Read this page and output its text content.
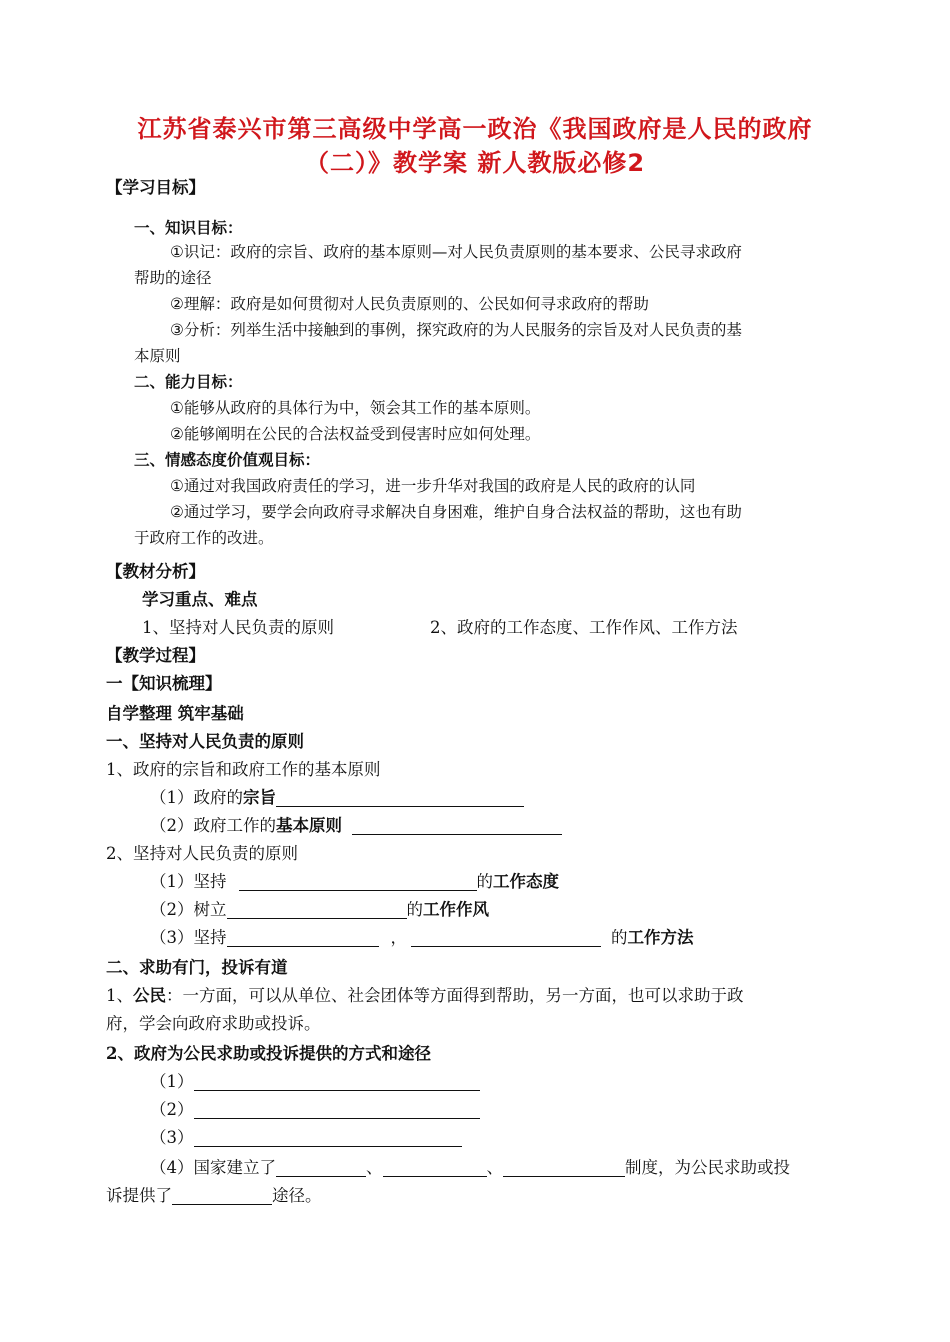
江苏省泰兴市第三高级中学高一政治《我国政府是人民的政府
（二）》教学案 新人教版必修2
【学习目标】
一、知识目标：
①识记：政府的宗旨、政府的基本原则—对人民负责原则的基本要求、公民寻求政府
帮助的途径
②理解：政府是如何贯彻对人民负责原则的、公民如何寻求政府的帮助
③分析：列举生活中接触到的事例，探究政府的为人民服务的宗旨及对人民负责的基
本原则
二、能力目标：
①能够从政府的具体行为中，领会其工作的基本原则。
②能够阐明在公民的合法权益受到侵害时应如何处理。
三、情感态度价值观目标：
①通过对我国政府责任的学习，进一步升华对我国的政府是人民的政府的认同
②通过学习，要学会向政府寻求解决自身困难，维护自身合法权益的帮助，这也有助
于政府工作的改进。
【教材分析】
学习重点、难点
1、坚持对人民负责的原则	2、政府的工作态度、工作作风、工作方法
【教学过程】
一【知识梳理】
自学整理 筑牢基础
一、坚持对人民负责的原则
1、政府的宗旨和政府工作的基本原则
（1）政府的宗旨
（2）政府工作的基本原则
2、坚持对人民负责的原则
（1）坚持	的工作态度
（2）树立	的工作作风
（3）坚持	，	的工作方法
二、求助有门，投诉有道
1、公民：一方面，可以从单位、社会团体等方面得到帮助，另一方面，也可以求助于政
府，学会向政府求助或投诉。
2、政府为公民求助或投诉提供的方式和途径
（1）
（2）
（3）
（4）国家建立了	、	、	制度，为公民求助或投
诉提供了	途径。
